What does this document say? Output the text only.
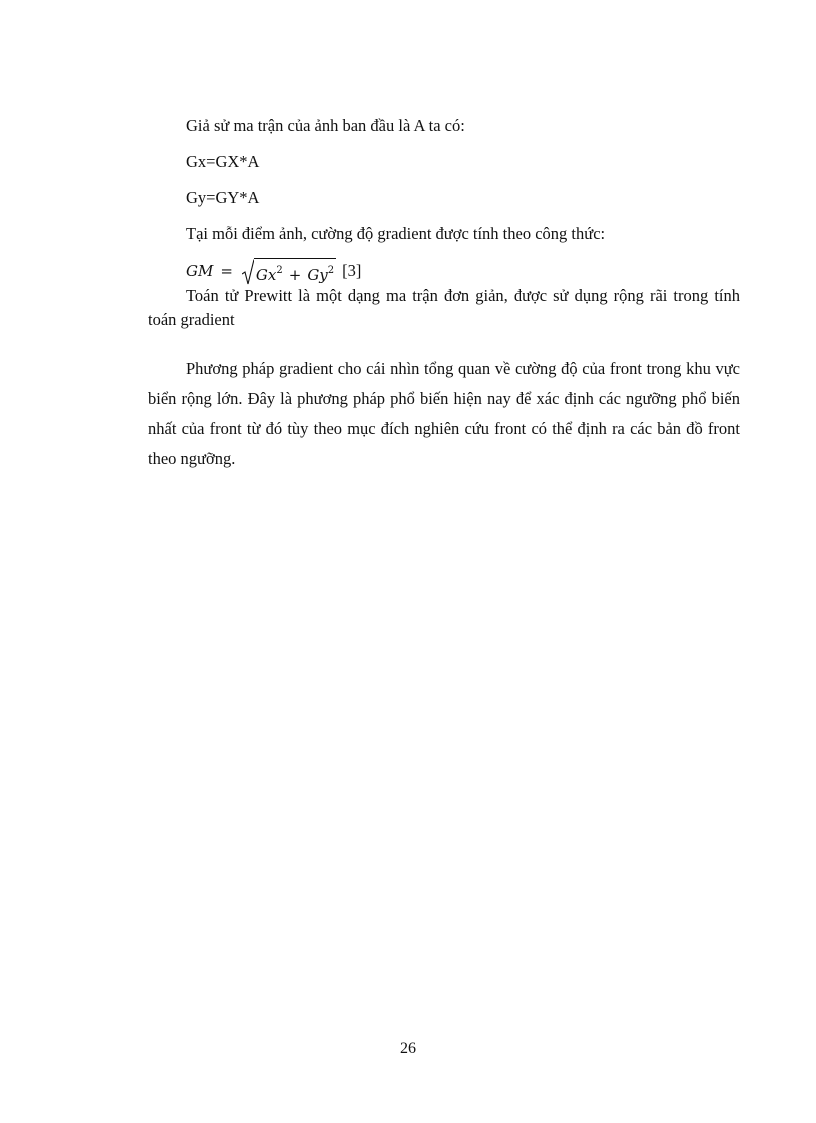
Giả sử ma trận của ảnh ban đầu là A ta có:
Gx=GX*A
Gy=GY*A
Tại mỗi điểm ảnh, cường độ gradient được tính theo công thức:
GM = $Gx^2 + Gy^2$ [3]

Toán tử Prewitt là một dạng ma trận đơn giản, được sử dụng rộng rãi trong tính toán gradient

Phương pháp gradient cho cái nhìn tổng quan về cường độ của front trong khu vực biển rộng lớn. Đây là phương pháp phổ biến hiện nay để xác định các ngưỡng phổ biến nhất của front từ đó tùy theo mục đích nghiên cứu front có thể định ra các bản đồ front theo ngưỡng.

26
